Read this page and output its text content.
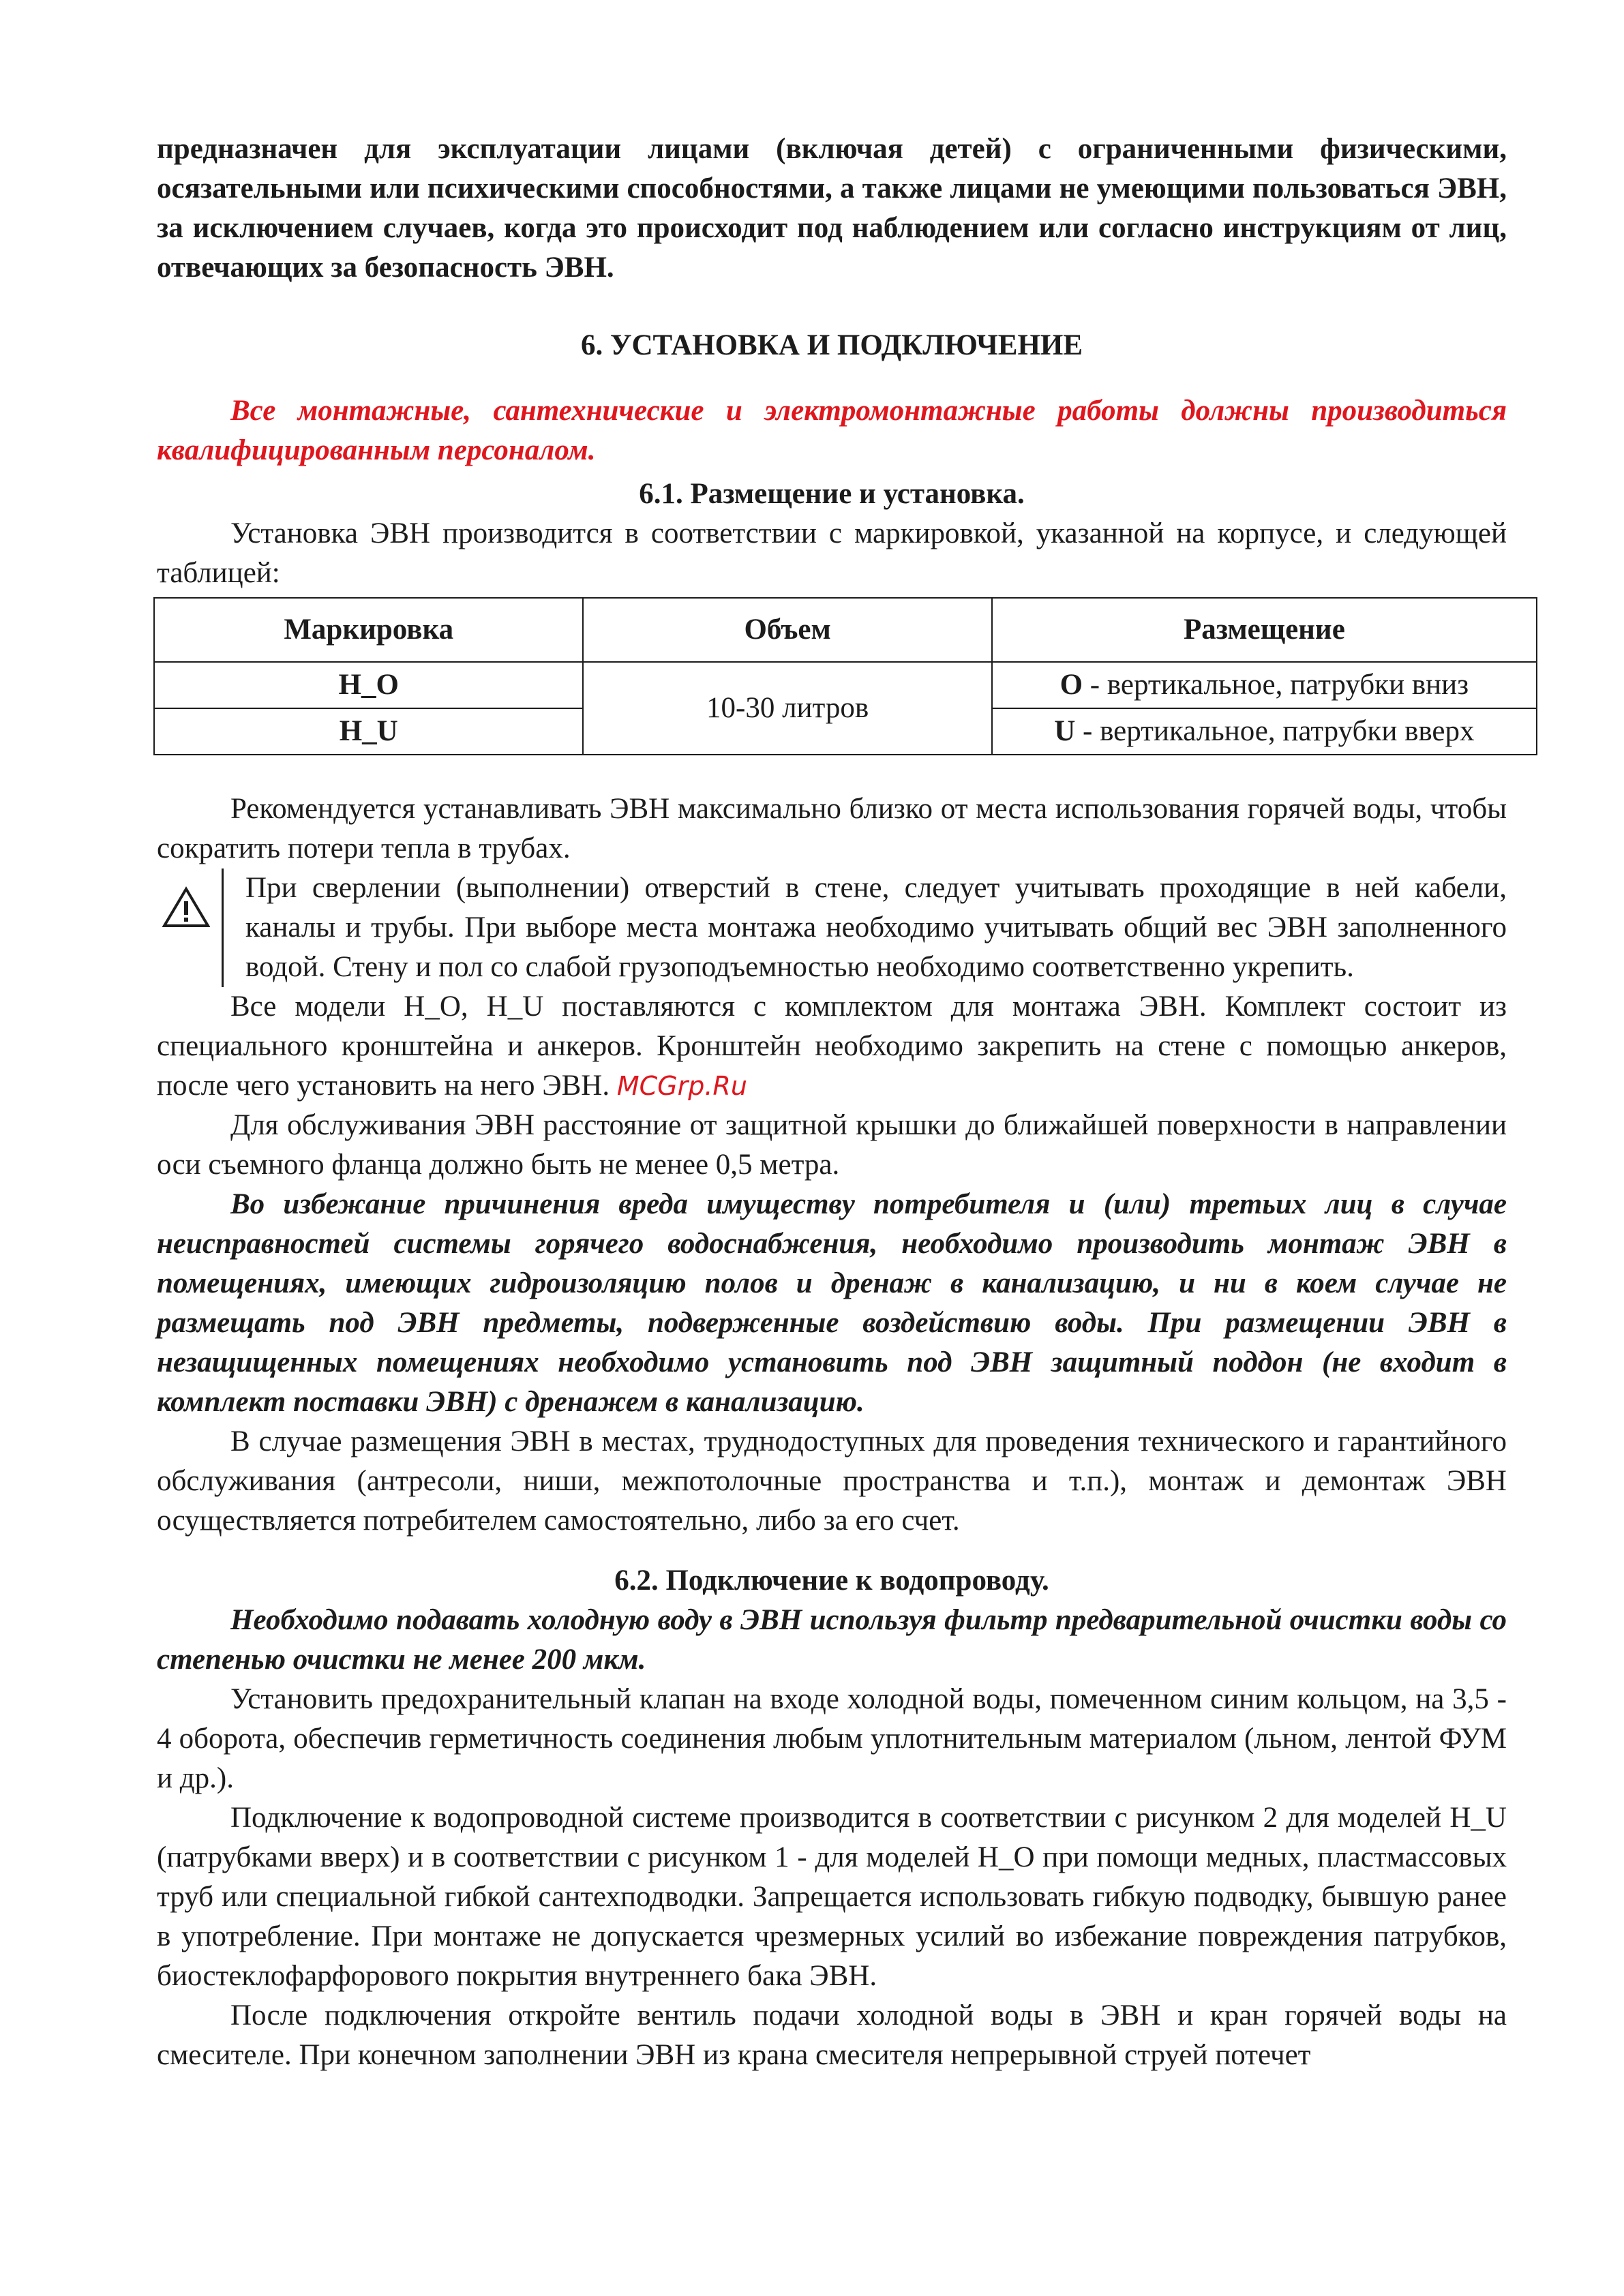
предназначен для эксплуатации лицами (включая детей) с ограниченными физическими, осязательными или психическими способностями, а также лицами не умеющими пользоваться ЭВН, за исключением случаев, когда это происходит под наблюдением или согласно инструкциям от лиц, отвечающих за безопасность ЭВН.

6. УСТАНОВКА И ПОДКЛЮЧЕНИЕ

Все монтажные, сантехнические и электромонтажные работы должны производиться квалифицированным персоналом.

6.1. Размещение и установка.

Установка ЭВН производится в соответствии с маркировкой, указанной на корпусе, и следующей таблицей:

Маркировка	Объем	Размещение
Н_О	10-30 литров	О - вертикальное, патрубки вниз
Н_U		U - вертикальное, патрубки вверх

Рекомендуется устанавливать ЭВН максимально близко от места использования горячей воды, чтобы сократить потери тепла в трубах.

При сверлении (выполнении) отверстий в стене, следует учитывать проходящие в ней кабели, каналы и трубы. При выборе места монтажа необходимо учитывать общий вес ЭВН заполненного водой. Стену и пол со слабой грузоподъемностью необходимо соответственно укрепить.

Все модели Н_О, Н_U поставляются с комплектом для монтажа ЭВН. Комплект состоит из специального кронштейна и анкеров. Кронштейн необходимо закрепить на стене с помощью анкеров, после чего установить на него ЭВН. MCGrp.Ru

Для обслуживания ЭВН расстояние от защитной крышки до ближайшей поверхности в направлении оси съемного фланца должно быть не менее 0,5 метра.

Во избежание причинения вреда имуществу потребителя и (или) третьих лиц в случае неисправностей системы горячего водоснабжения, необходимо производить монтаж ЭВН в помещениях, имеющих гидроизоляцию полов и дренаж в канализацию, и ни в коем случае не размещать под ЭВН предметы, подверженные воздействию воды. При размещении ЭВН в незащищенных помещениях необходимо установить под ЭВН защитный поддон (не входит в комплект поставки ЭВН) с дренажем в канализацию.

В случае размещения ЭВН в местах, труднодоступных для проведения технического и гарантийного обслуживания (антресоли, ниши, межпотолочные пространства и т.п.), монтаж и демонтаж ЭВН осуществляется потребителем самостоятельно, либо за его счет.

6.2. Подключение к водопроводу.

Необходимо подавать холодную воду в ЭВН используя фильтр предварительной очистки воды со степенью очистки не менее 200 мкм.

Установить предохранительный клапан на входе холодной воды, помеченном синим кольцом, на 3,5 - 4 оборота, обеспечив герметичность соединения любым уплотнительным материалом (льном, лентой ФУМ и др.).

Подключение к водопроводной системе производится в соответствии с рисунком 2 для моделей Н_U (патрубками вверх) и в соответствии с рисунком 1 - для моделей Н_О при помощи медных, пластмассовых труб или специальной гибкой сантехподводки. Запрещается использовать гибкую подводку, бывшую ранее в употребление. При монтаже не допускается чрезмерных усилий во избежание повреждения патрубков, биостеклофарфорового покрытия внутреннего бака ЭВН.

После подключения откройте вентиль подачи холодной воды в ЭВН и кран горячей воды на смесителе. При конечном заполнении ЭВН из крана смесителя непрерывной струей потечет
